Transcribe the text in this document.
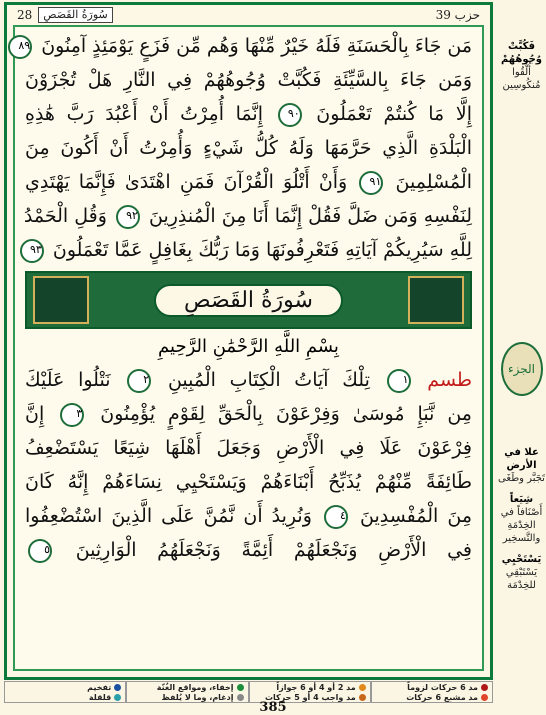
28	سُورَةُ القَصَصِ	حزب 39
مَن جَاءَ بِالْحَسَنَةِ فَلَهُ خَيْرٌ مِّنْهَا وَهُم مِّن فَزَعٍ يَوْمَئِذٍ آمِنُونَ ٨٩
وَمَن جَاءَ بِالسَّيِّئَةِ فَكُبَّتْ وُجُوهُهُمْ فِي النَّارِ هَلْ تُجْزَوْنَ
إِلَّا مَا كُنتُمْ تَعْمَلُونَ ٩٠ إِنَّمَا أُمِرْتُ أَنْ أَعْبُدَ رَبَّ هَٰذِهِ
الْبَلْدَةِ الَّذِي حَرَّمَهَا وَلَهُ كُلُّ شَيْءٍ وَأُمِرْتُ أَنْ أَكُونَ مِنَ
الْمُسْلِمِينَ ٩١ وَأَنْ أَتْلُوَ الْقُرْآنَ فَمَنِ اهْتَدَىٰ فَإِنَّمَا يَهْتَدِي
لِنَفْسِهِ وَمَن ضَلَّ فَقُلْ إِنَّمَا أَنَا مِنَ الْمُنذِرِينَ ٩٢ وَقُلِ الْحَمْدُ
لِلَّهِ سَيُرِيكُمْ آيَاتِهِ فَتَعْرِفُونَهَا وَمَا رَبُّكَ بِغَافِلٍ عَمَّا تَعْمَلُونَ ٩٣
سُورَةُ القَصَصِ
بِسْمِ اللَّهِ الرَّحْمَٰنِ الرَّحِيمِ
طسم ١ تِلْكَ آيَاتُ الْكِتَابِ الْمُبِينِ ٢ نَتْلُوا عَلَيْكَ
مِن نَّبَإِ مُوسَىٰ وَفِرْعَوْنَ بِالْحَقِّ لِقَوْمٍ يُؤْمِنُونَ ٣ إِنَّ
فِرْعَوْنَ عَلَا فِي الْأَرْضِ وَجَعَلَ أَهْلَهَا شِيَعًا يَسْتَضْعِفُ
طَائِفَةً مِّنْهُمْ يُذَبِّحُ أَبْنَاءَهُمْ وَيَسْتَحْيِي نِسَاءَهُمْ إِنَّهُ كَانَ
مِنَ الْمُفْسِدِينَ ٤ وَنُرِيدُ أَن نَّمُنَّ عَلَى الَّذِينَ اسْتُضْعِفُوا
فِي الْأَرْضِ وَنَجْعَلَهُمْ أَئِمَّةً وَنَجْعَلَهُمُ الْوَارِثِينَ ٥
فَكُبَّتْ وُجُوهُهُمْ
أُلْقُوا مُنكُوسِين
الجزء
علا في الأرض
تَجَبَّر وطَغَى
شِيَعاً
أَصْنَافاً في الخِدْمَةِ والتَّسخِير
يَسْتَحْيِي
يَسْتَبْقِي للخِدْمَة
مد 6 حركات لزوماً
مد مشبع 6 حركات
مد 2 أو 4 أو 6 جوازاً
مد واجب 4 أو 5 حركات
إخفاء، ومواقع الغُنّة
إدغام، وما لا يُلفظ
تفخيم
قلقلة
385
